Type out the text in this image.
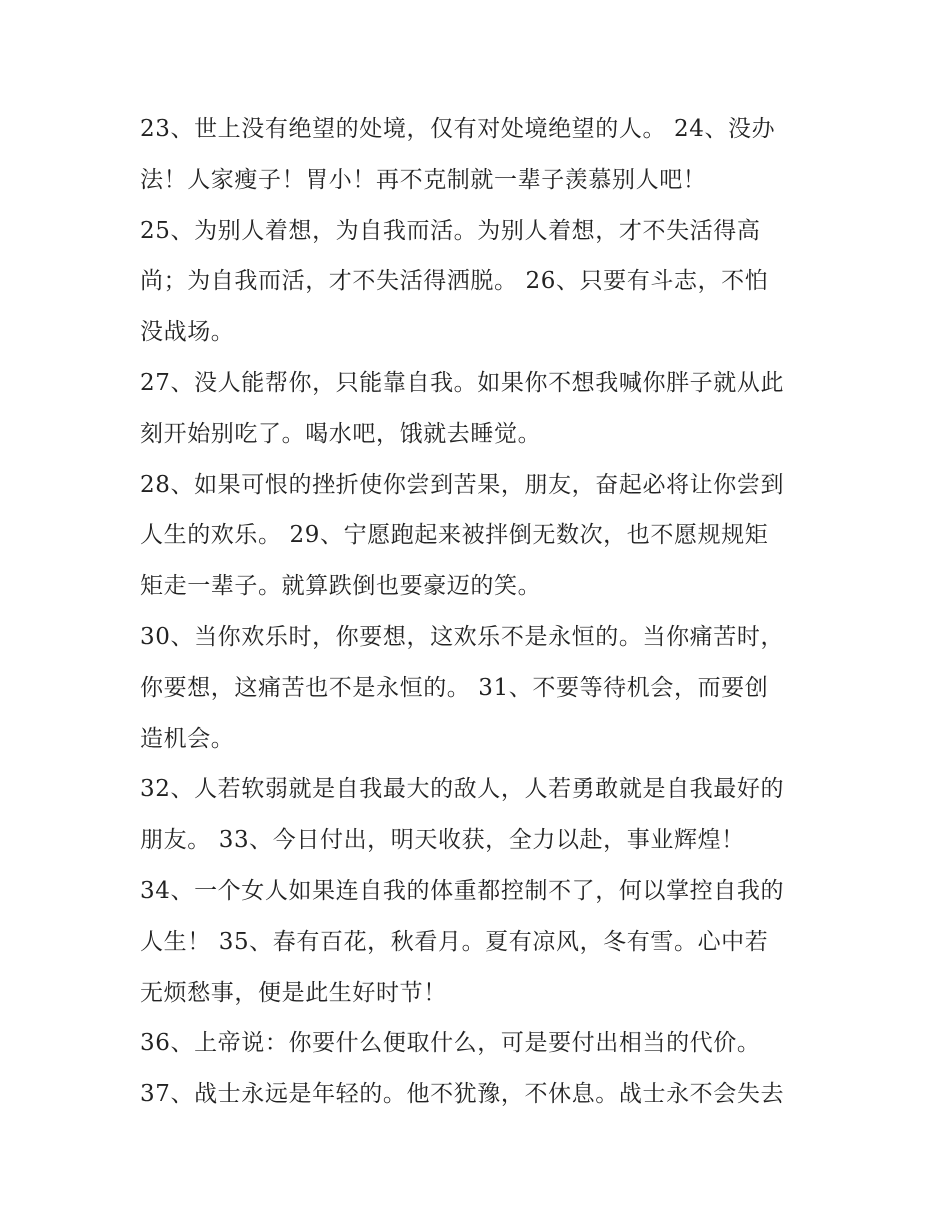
23、世上没有绝望的处境，仅有对处境绝望的人。 24、没办
法！人家瘦子！胃小！再不克制就一辈子羡慕别人吧！
25、为别人着想，为自我而活。为别人着想，才不失活得高
尚；为自我而活，才不失活得洒脱。 26、只要有斗志，不怕
没战场。
27、没人能帮你，只能靠自我。如果你不想我喊你胖子就从此
刻开始别吃了。喝水吧，饿就去睡觉。
28、如果可恨的挫折使你尝到苦果，朋友，奋起必将让你尝到
人生的欢乐。 29、宁愿跑起来被拌倒无数次，也不愿规规矩
矩走一辈子。就算跌倒也要豪迈的笑。
30、当你欢乐时，你要想，这欢乐不是永恒的。当你痛苦时，
你要想，这痛苦也不是永恒的。 31、不要等待机会，而要创
造机会。
32、人若软弱就是自我最大的敌人，人若勇敢就是自我最好的
朋友。 33、今日付出，明天收获，全力以赴，事业辉煌！
34、一个女人如果连自我的体重都控制不了，何以掌控自我的
人生！ 35、春有百花，秋看月。夏有凉风，冬有雪。心中若
无烦愁事，便是此生好时节！
36、上帝说：你要什么便取什么，可是要付出相当的代价。
37、战士永远是年轻的。他不犹豫，不休息。战士永不会失去
